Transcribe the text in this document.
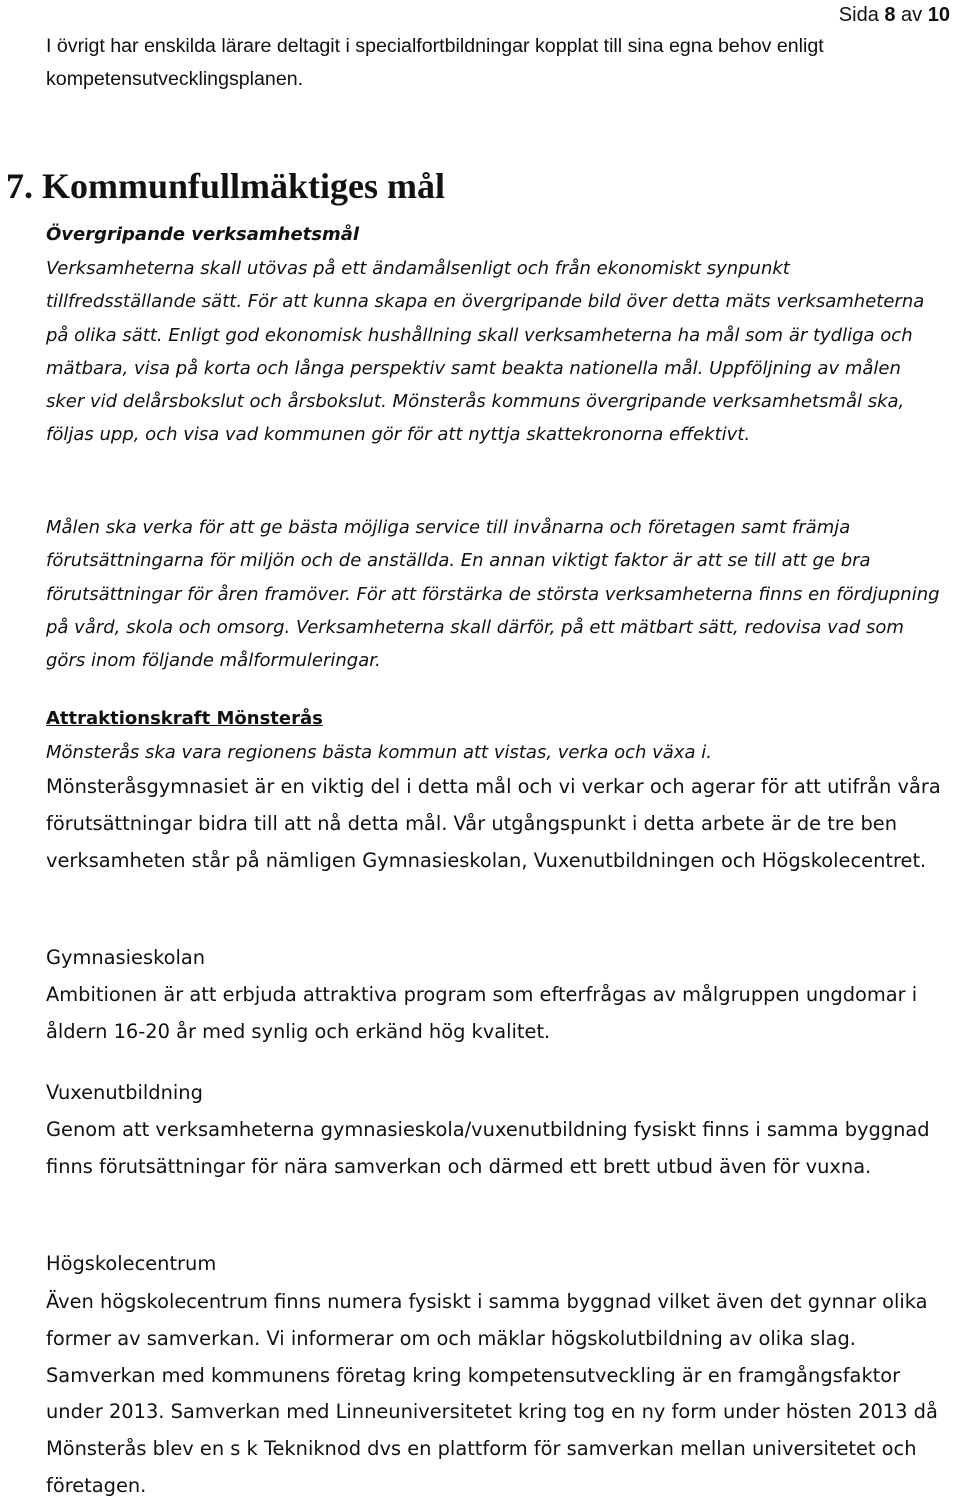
Sida 8 av 10

I övrigt har enskilda lärare deltagit i specialfortbildningar kopplat till sina egna behov enligt kompetensutvecklingsplanen.

7. Kommunfullmäktiges mål

Övergripande verksamhetsmål

Verksamheterna skall utövas på ett ändamålsenligt och från ekonomiskt synpunkt tillfredsställande sätt. För att kunna skapa en övergripande bild över detta mäts verksamheterna på olika sätt. Enligt god ekonomisk hushållning skall verksamheterna ha mål som är tydliga och mätbara, visa på korta och långa perspektiv samt beakta nationella mål. Uppföljning av målen sker vid delårsbokslut och årsbokslut. Mönsterås kommuns övergripande verksamhetsmål ska, följas upp, och visa vad kommunen gör för att nyttja skattekronorna effektivt.

Målen ska verka för att ge bästa möjliga service till invånarna och företagen samt främja förutsättningarna för miljön och de anställda. En annan viktigt faktor är att se till att ge bra förutsättningar för åren framöver. För att förstärka de största verksamheterna finns en fördjupning på vård, skola och omsorg. Verksamheterna skall därför, på ett mätbart sätt, redovisa vad som görs inom följande målformuleringar.

Attraktionskraft Mönsterås

Mönsterås ska vara regionens bästa kommun att vistas, verka och växa i.

Mönsteråsgymnasiet är en viktig del i detta mål och vi verkar och agerar för att utifrån våra förutsättningar bidra till att nå detta mål. Vår utgångspunkt i detta arbete är de tre ben verksamheten står på nämligen Gymnasieskolan, Vuxenutbildningen och Högskolecentret.

Gymnasieskolan

Ambitionen är att erbjuda attraktiva program som efterfrågas av målgruppen ungdomar i åldern 16-20 år med synlig och erkänd hög kvalitet.

Vuxenutbildning

Genom att verksamheterna gymnasieskola/vuxenutbildning fysiskt finns i samma byggnad finns förutsättningar för nära samverkan och därmed ett brett utbud även för vuxna.

Högskolecentrum

Även högskolecentrum finns numera fysiskt i samma byggnad vilket även det gynnar olika former av samverkan. Vi informerar om och mäklar högskolutbildning av olika slag. Samverkan med kommunens företag kring kompetensutveckling är en framgångsfaktor under 2013. Samverkan med Linneuniversitetet kring tog en ny form under hösten 2013 då Mönsterås blev en s k Tekniknod dvs en plattform för samverkan mellan universitetet och företagen.
